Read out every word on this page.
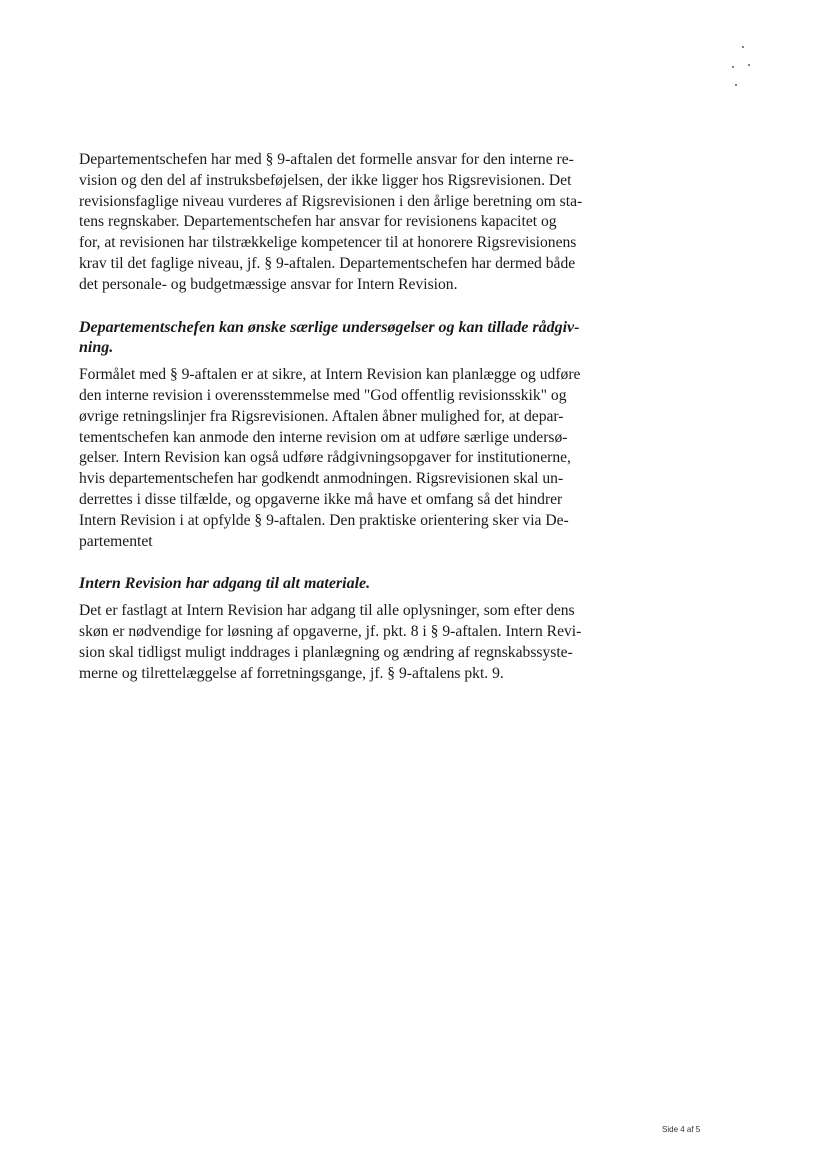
Departementschefen har med § 9-aftalen det formelle ansvar for den interne re-
vision og den del af instruksbeføjelsen, der ikke ligger hos Rigsrevisionen. Det
revisionsfaglige niveau vurderes af Rigsrevisionen i den årlige beretning om sta-
tens regnskaber. Departementschefen har ansvar for revisionens kapacitet og
for, at revisionen har tilstrækkelige kompetencer til at honorere Rigsrevisionens
krav til det faglige niveau, jf. § 9-aftalen. Departementschefen har dermed både
det personale- og budgetmæssige ansvar for Intern Revision.
Departementschefen kan ønske særlige undersøgelser og kan tillade rådgiv-
ning.
Formålet med § 9-aftalen er at sikre, at Intern Revision kan planlægge og udføre
den interne revision i overensstemmelse med "God offentlig revisionsskik" og
øvrige retningslinjer fra Rigsrevisionen. Aftalen åbner mulighed for, at depar-
tementschefen kan anmode den interne revision om at udføre særlige undersø-
gelser. Intern Revision kan også udføre rådgivningsopgaver for institutionerne,
hvis departementschefen har godkendt anmodningen. Rigsrevisionen skal un-
derrettes i disse tilfælde, og opgaverne ikke må have et omfang så det hindrer
Intern Revision i at opfylde § 9-aftalen. Den praktiske orientering sker via De-
partementet
Intern Revision har adgang til alt materiale.
Det er fastlagt at Intern Revision har adgang til alle oplysninger, som efter dens
skøn er nødvendige for løsning af opgaverne, jf. pkt. 8 i § 9-aftalen. Intern Revi-
sion skal tidligst muligt inddrages i planlægning og ændring af regnskabssyste-
merne og tilrettelæggelse af forretningsgange, jf. § 9-aftalens pkt. 9.
Side 4 af 5
